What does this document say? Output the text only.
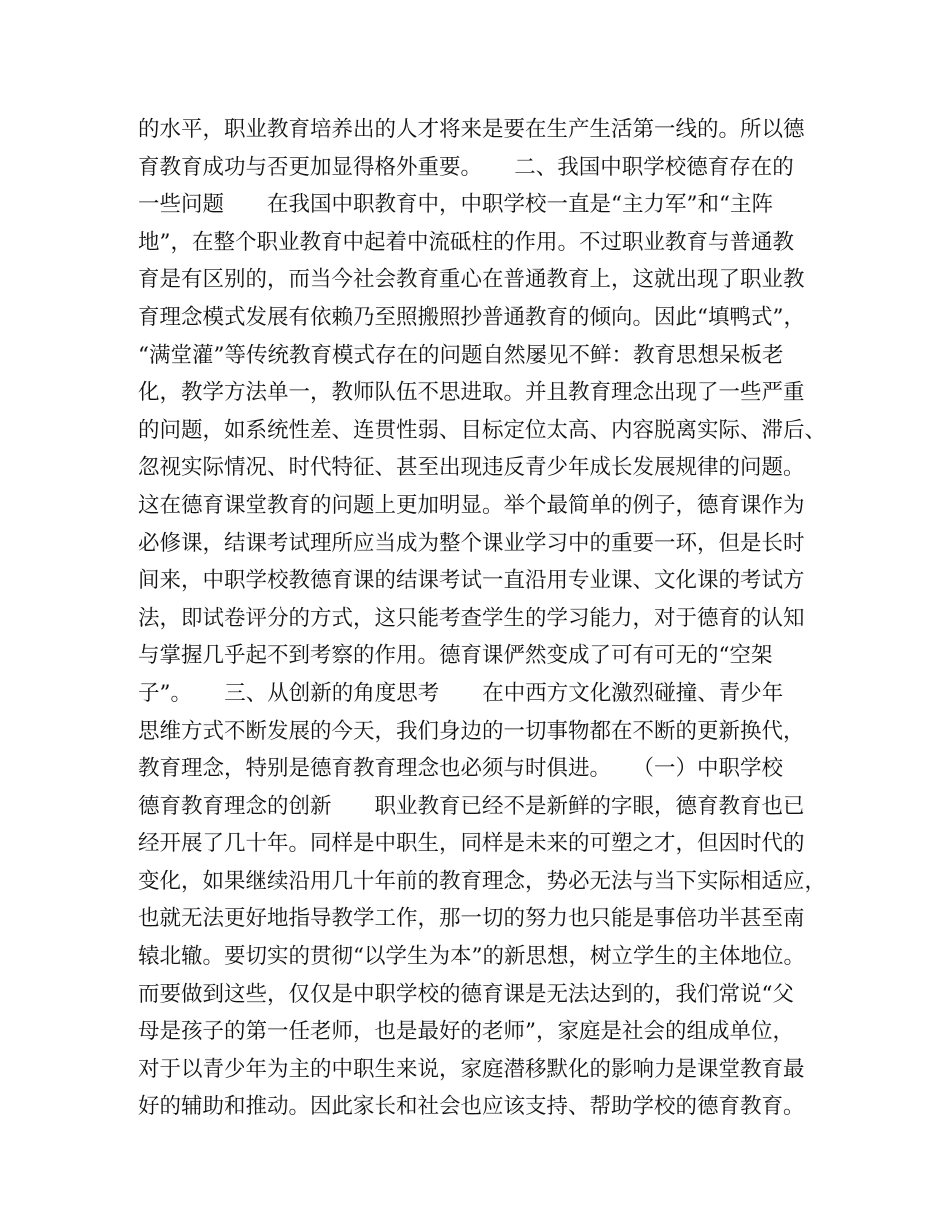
的水平，职业教育培养出的人才将来是要在生产生活第一线的。所以德
育教育成功与否更加显得格外重要。　　二、我国中职学校德育存在的
一些问题　　在我国中职教育中，中职学校一直是“主力军”和“主阵
地”，在整个职业教育中起着中流砥柱的作用。不过职业教育与普通教
育是有区别的，而当今社会教育重心在普通教育上，这就出现了职业教
育理念模式发展有依赖乃至照搬照抄普通教育的倾向。因此“填鸭式”，
“满堂灌”等传统教育模式存在的问题自然屡见不鲜：教育思想呆板老
化，教学方法单一，教师队伍不思进取。并且教育理念出现了一些严重
的问题，如系统性差、连贯性弱、目标定位太高、内容脱离实际、滞后、
忽视实际情况、时代特征、甚至出现违反青少年成长发展规律的问题。
这在德育课堂教育的问题上更加明显。举个最简单的例子，德育课作为
必修课，结课考试理所应当成为整个课业学习中的重要一环，但是长时
间来，中职学校教德育课的结课考试一直沿用专业课、文化课的考试方
法，即试卷评分的方式，这只能考查学生的学习能力，对于德育的认知
与掌握几乎起不到考察的作用。德育课俨然变成了可有可无的“空架
子”。　　三、从创新的角度思考　　在中西方文化激烈碰撞、青少年
思维方式不断发展的今天，我们身边的一切事物都在不断的更新换代，
教育理念，特别是德育教育理念也必须与时俱进。　　（一）中职学校
德育教育理念的创新　　职业教育已经不是新鲜的字眼，德育教育也已
经开展了几十年。同样是中职生，同样是未来的可塑之才，但因时代的
变化，如果继续沿用几十年前的教育理念，势必无法与当下实际相适应，
也就无法更好地指导教学工作，那一切的努力也只能是事倍功半甚至南
辕北辙。要切实的贯彻“以学生为本”的新思想，树立学生的主体地位。
而要做到这些，仅仅是中职学校的德育课是无法达到的，我们常说“父
母是孩子的第一任老师，也是最好的老师”，家庭是社会的组成单位，
对于以青少年为主的中职生来说，家庭潜移默化的影响力是课堂教育最
好的辅助和推动。因此家长和社会也应该支持、帮助学校的德育教育。
